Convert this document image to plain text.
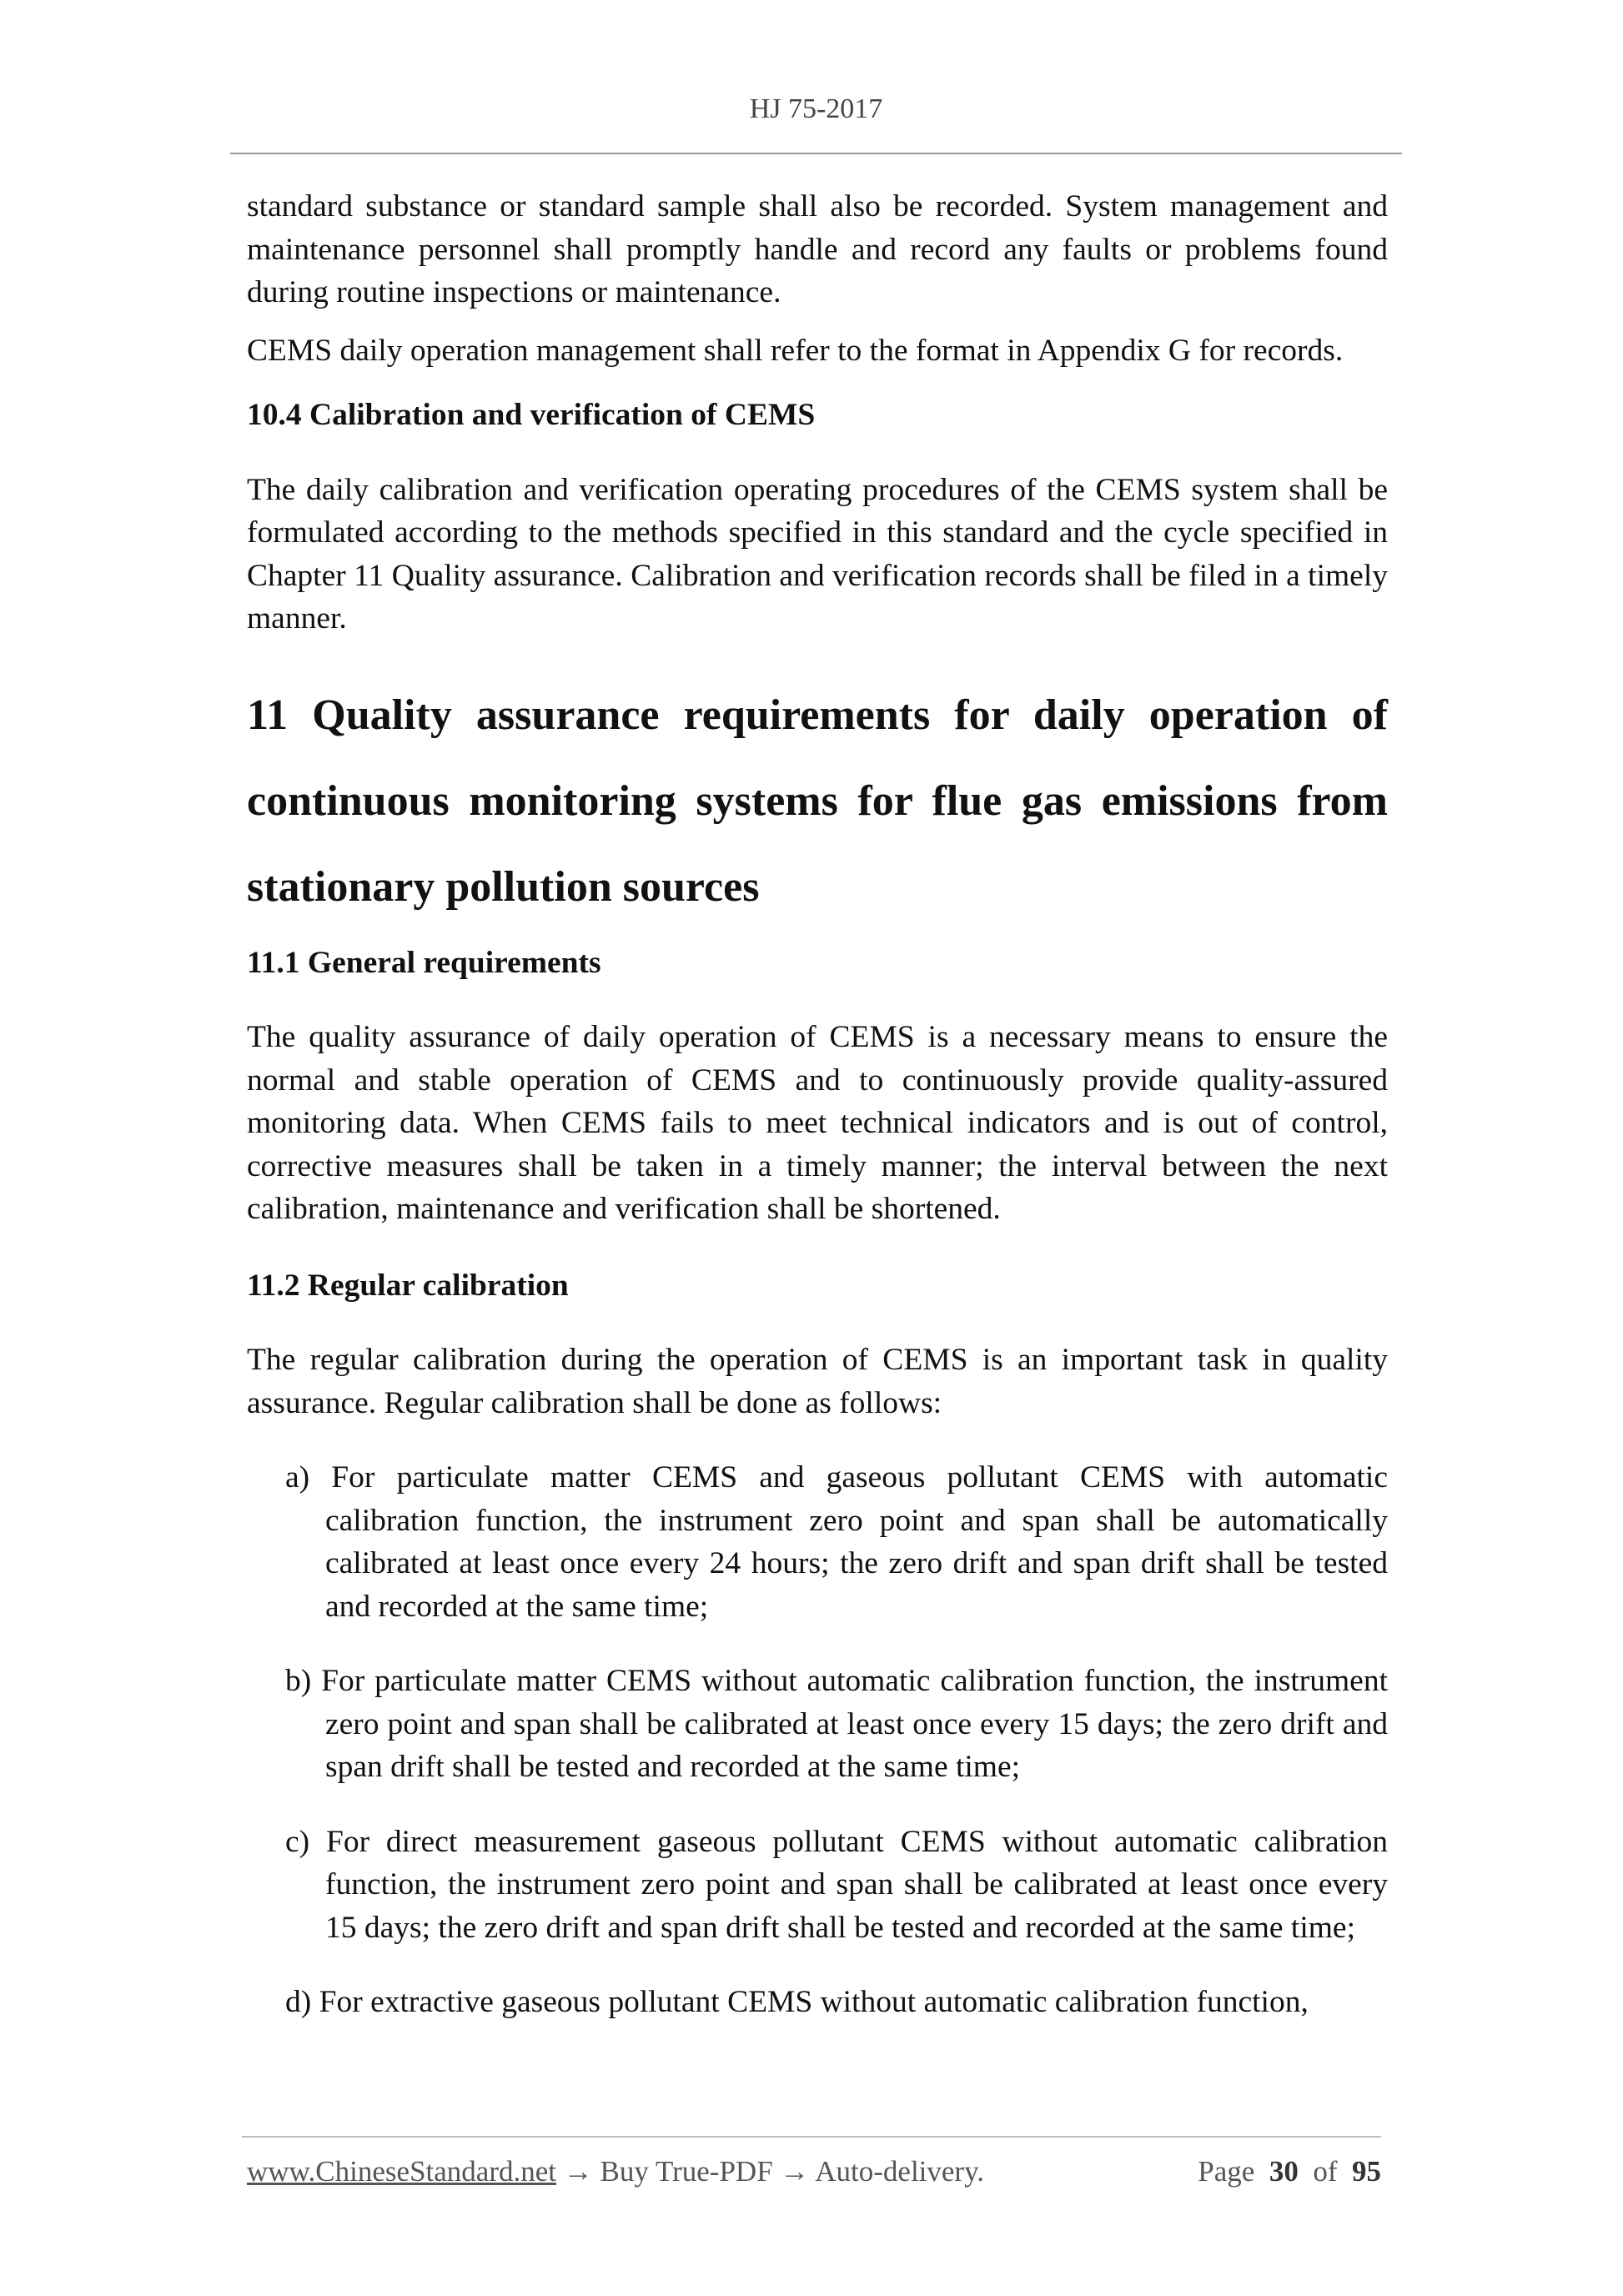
HJ 75-2017

standard substance or standard sample shall also be recorded. System management and maintenance personnel shall promptly handle and record any faults or problems found during routine inspections or maintenance.

CEMS daily operation management shall refer to the format in Appendix G for records.

10.4 Calibration and verification of CEMS

The daily calibration and verification operating procedures of the CEMS system shall be formulated according to the methods specified in this standard and the cycle specified in Chapter 11 Quality assurance. Calibration and verification records shall be filed in a timely manner.

11 Quality assurance requirements for daily operation of continuous monitoring systems for flue gas emissions from stationary pollution sources
11.1 General requirements

The quality assurance of daily operation of CEMS is a necessary means to ensure the normal and stable operation of CEMS and to continuously provide quality-assured monitoring data. When CEMS fails to meet technical indicators and is out of control, corrective measures shall be taken in a timely manner; the interval between the next calibration, maintenance and verification shall be shortened.

11.2 Regular calibration

The regular calibration during the operation of CEMS is an important task in quality assurance. Regular calibration shall be done as follows:

a) For particulate matter CEMS and gaseous pollutant CEMS with automatic calibration function, the instrument zero point and span shall be automatically calibrated at least once every 24 hours; the zero drift and span drift shall be tested and recorded at the same time;

b) For particulate matter CEMS without automatic calibration function, the instrument zero point and span shall be calibrated at least once every 15 days; the zero drift and span drift shall be tested and recorded at the same time;

c) For direct measurement gaseous pollutant CEMS without automatic calibration function, the instrument zero point and span shall be calibrated at least once every 15 days; the zero drift and span drift shall be tested and recorded at the same time;

d) For extractive gaseous pollutant CEMS without automatic calibration function,

www.ChineseStandard.net → Buy True-PDF → Auto-delivery.	Page 30 of 95
